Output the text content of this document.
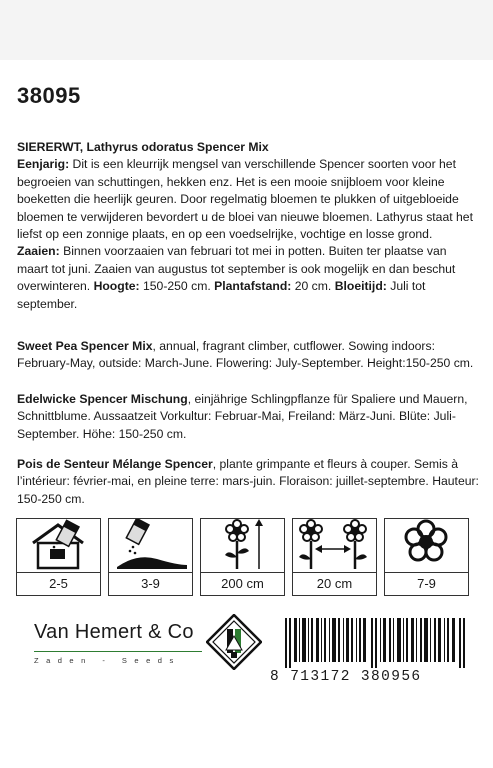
38095

SIERERWT, Lathyrus odoratus Spencer Mix

Eenjarig: Dit is een kleurrijk mengsel van verschillende Spencer soorten voor het begroeien van schuttingen, hekken enz. Het is een mooie snijbloem voor kleine boeketten die heerlijk geuren. Door regelmatig bloemen te plukken of uitgebloeide bloemen te verwijderen bevordert u de bloei van nieuwe bloemen. Lathyrus staat het liefst op een zonnige plaats, en op een voedselrijke, vochtige en losse grond.
Zaaien: Binnen voorzaaien van februari tot mei in potten. Buiten ter plaatse van maart tot juni. Zaaien van augustus tot september is ook mogelijk en dan beschut overwinteren. Hoogte: 150-250 cm. Plantafstand: 20 cm. Bloeitijd: Juli tot september.

Sweet Pea Spencer Mix, annual, fragrant climber, cutflower. Sowing indoors: February-May, outside: March-June. Flowering: July-September. Height:150-250 cm.

Edelwicke Spencer Mischung, einjährige Schlingpflanze für Spaliere und Mauern, Schnittblume. Aussaatzeit Vorkultur: Februar-Mai, Freiland: März-Juni. Blüte: Juli-September. Höhe: 150-250 cm.

Pois de Senteur Mélange Spencer, plante grimpante et fleurs à couper. Semis à l’intérieur: février-mai, en pleine terre: mars-juin. Floraison: juillet-septembre. Hauteur: 150-250 cm.

2-5	3-9	200 cm	20 cm	7-9
Van Hemert & Co
Zaden - Seeds
8 713172 380956
